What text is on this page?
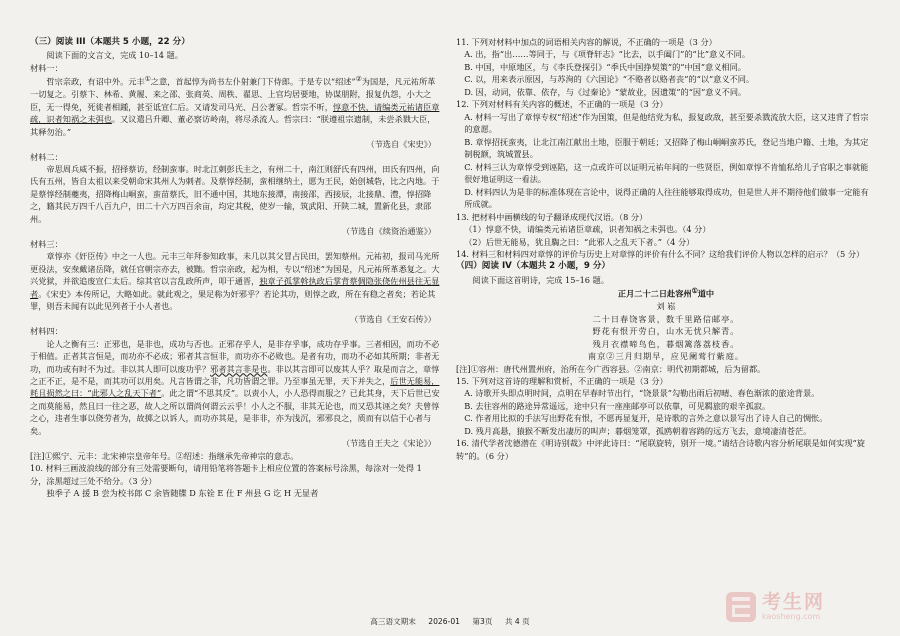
（三）阅读 III（本题共 5 小题，22 分）

阅读下面的文言文，完成 10–14 题。

材料一：

哲宗亲政，有诏中外。元丰①之意，首起惇为尚书左仆射兼门下侍郎。于是专以“绍述”②为国是，凡元祐所革一切复之。引蔡卞、林希、黄履、来之邵、张商英、周秩、翟思、上官均居要地，协谋朋附，报复仇怨，小大之臣，无一得免，死徙者相踵，甚至诋宣仁后。又请发司马光、吕公著冢。哲宗不听，惇意不快，请编类元祐诸臣章疏，识者知祸之未弭也。又议遣吕升卿、董必察访岭南，将尽杀流人。哲宗曰：“朕遵祖宗遗制，未尝杀戮大臣，其释勿治。”

（节选自《宋史》）

材料二：

帝思周兵威不振，招择蔡访，经制蛮事。时北江刺彭氏主之，有州二十，南江则舒氏有四州，田氏有四州，向氏有五州，皆自太祖以来受朝命宋其州人为刺者。及蔡惇经制，蛮相继纳土，愿为王民，始创城砦，比之内地。于是蔡惇经制夔夷，招降梅山峒蛮，蛮苗蔡氏，旧不通中国，其地东接潭，南接邵，西接辰，北接鼎、澧，惇招降之，籍其民万四千八百九户，田二十六万四百余亩，均定其税，使岁一输，筑武阳、开陕二城，置新化县，隶邵州。

（节选自《续资治通鉴》）

材料三：

章惇亦《奸臣传》中之一人也。元丰三年拜参知政事，未几以其父冒占民田，罢知蔡州。元祐初，报司马光所更役法，安焘戴诸岳降，就任官朝宗亦去，被黜。哲宗亲政，起为相，专以“绍述”为国是，凡元祐所革悉复之。大兴党狱，并欲追废宣仁太后。综其官以言乱政所声，叩于通晋，独章子孤掌斡执政后掌背蔡倜隐张侥佐州县往无显者。《宋史》本传所记，大略如此。就此观之，果足称为奸邪乎？若论其功，则惇之政，所在有稳之者矣；若论其罪，则吾未闻有以此见列者于小人者也。

（节选自《王安石传》）

材料四：

论人之衡有三：正邪也，是非也，成功与否也。正邪存乎人，是非存乎事，成功存乎事。三者相因，而功不必于相值。正者其言恒是，而功亦不必成；邪者其言恒非，而功亦不必败也。是者有功，而功不必如其所期；非者无功，而功或有时不为过。非以其人即可以废功乎？邪者其言非是也。非以其言即可以废其人乎？取是而言之，章惇之正不正，是不是，而其功可以用矣。凡言皆谓之非，凡功皆谓之罪。乃至事虽无罪，天下并失之，后世无能易，耗且损然之曰：“此邪人之乱天下者”。此之谓“不思其反”。以责小人，小人恐得而服之？已此其身，天下后世已安之而莫能易，然且曰一往之恶，故人之所以谓尚何谓云云乎！小人之不服，非其无论也，而又恐其诬之矣？夫曾惇之心，违者生事以侥劳者为，故掷之以诉人，而功亦其是，是非非，亦为浅沉，邪邪良之，质而有以信于心者与矣。

（节选自王夫之《宋论》）

[注]①熙宁、元丰：北宋神宗皇帝年号。②绍述：指继承先帝神宗的意志。

10. 材料三画波浪线的部分有三处需要断句，请用铅笔将答题卡上相应位置的答案标号涂黑，每涂对一处得 1 分，涂黑超过三处不给分。（3 分）

独季子 A 援 B 尝为校书郎 C 余皆随牒 D 东铨 E 仕 F 州县 G 讫 H 无显者

11. 下列对材料中加点的词语相关内容的解说，不正确的一项是（3 分）

A. 出，指“出……等同于，与《项脊轩志》“比去，以手阖门”的“比”意义不同。

B. 中国，中原地区，与《李氏登探引》“季氏中国挣契策”的“中国”意义相同。

C. 以，用来表示原因，与苏洵的《六国论》“不赂者以赂者丧”的“以”意义不同。

D. 因，动词，依靠、依存，与《过秦论》“蒙故业，因遗策”的“因”意义不同。

12. 下列对材料有关内容的概述，不正确的一项是（3 分）

A. 材料一写出了章惇专权“绍述”作为国策，但是他结党为私，报复政敌，甚至要杀戮流放大臣，这又违背了哲宗的意愿。

B. 章惇招抚蛮夷，让北江南江献出土地，臣服于朝廷；又招降了梅山峒峒蛮苏氏，登记当地户籍、土地，为其定制税额，筑城置县。

C. 材料三认为章惇受到诬陷，这一点或许可以证明元祐年间的一些贤臣，例如章惇不肯恤私给儿子官职之事就能很好地证明这一看法。

D. 材料四认为是非的标准体现在言论中，说得正确的人往往能够取得成功，但是世人并不期待他们做事一定能有所成就。

13. 把材料中画横线的句子翻译成现代汉语。（8 分）

（1）惇意不快，请编类元祐诸臣章疏，识者知祸之未弭也。（4 分）

（2）后世无能易，犹且騊之曰：“此邪人之乱天下者。”（4 分）

14. 材料三和材料四对章惇的评价与历史上对章惇的评价有什么不同？这给我们评价人物以怎样的启示？（5 分）

（四）阅读 IV（本题共 2 小题，9 分）

阅读下面这首明诗，完成 15–16 题。

正月二十二日赴容州①道中

刘 崧

二十日春饶客景，数千里路信邮亭。

野花有恨开劳白，山水无忧只解青。

残月衣襟啼鸟色，暮烟篱落荔枝香。

南京②三月归期早，应见阑莺行紫庭。

[注]①容州：唐代州置州府，治所在今广西容县。②南京：明代初期都城，后为留都。

15. 下列对这首诗的理解和赏析，不正确的一项是（3 分）

A. 诗歌开头即点明时间，点明在早春时节出行，“饶景景”勾勒出雨后初晴、春色渐浓的旅途背景。

B. 去往容州的路途异常遥远，途中只有一座座邮亭可以依靠，可见羁旅的艰辛孤寂。

C. 作者用比拟的手法写出野花有恨，不愿再显复开，是诗歌的言外之意以景写出了诗人自己的惆怅。

D. 残月高悬，猿猴不断发出凄厉的叫声；暮烟笼罩，孤鸥朝着容踌的远方飞去，意境凄清苍茫。

16. 清代学者沈德潜在《明诗别裁》中评此诗曰：“尾联旋转，别开一境。”请结合诗歌内容分析尾联是如何实现“旋转”的。（6 分）

高三语文期末 2026-01 第3页 共 4 页
考生网
kaosheng.com
